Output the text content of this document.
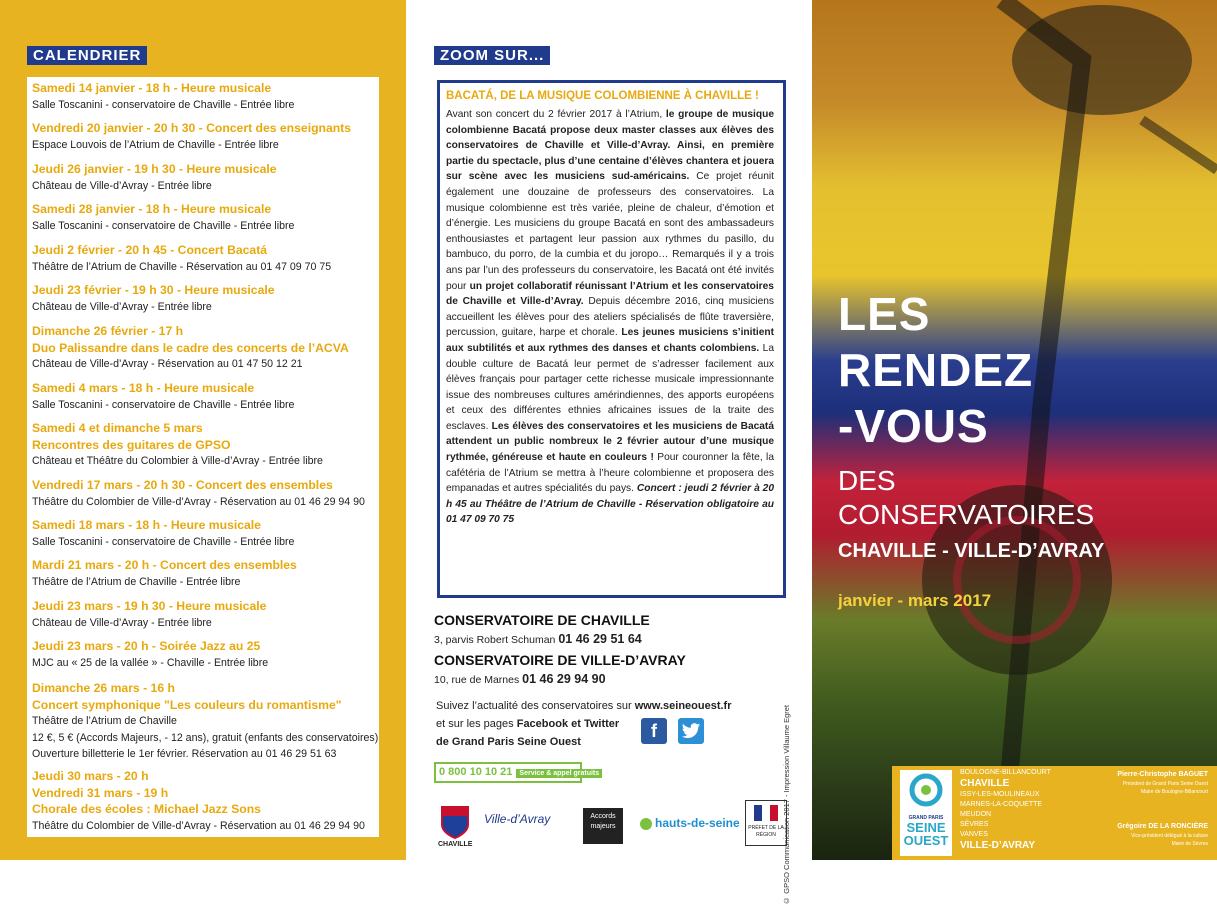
CALENDRIER
Samedi 14 janvier - 18 h - Heure musicale
Salle Toscanini - conservatoire de Chaville - Entrée libre
Vendredi 20 janvier - 20 h 30 - Concert des enseignants
Espace Louvois de l’Atrium de Chaville - Entrée libre
Jeudi 26 janvier - 19 h 30 - Heure musicale
Château de Ville-d’Avray - Entrée libre
Samedi 28 janvier - 18 h - Heure musicale
Salle Toscanini - conservatoire de Chaville - Entrée libre
Jeudi 2 février - 20 h 45 - Concert Bacatá
Théâtre de l’Atrium de Chaville - Réservation au 01 47 09 70 75
Jeudi 23 février - 19 h 30 - Heure musicale
Château de Ville-d’Avray - Entrée libre
Dimanche 26 février - 17 h
Duo Palissandre dans le cadre des concerts de l’ACVA
Château de Ville-d’Avray - Réservation au 01 47 50 12 21
Samedi 4 mars - 18 h - Heure musicale
Salle Toscanini - conservatoire de Chaville - Entrée libre
Samedi 4 et dimanche 5 mars
Rencontres des guitares de GPSO
Château et Théâtre du Colombier à Ville-d’Avray - Entrée libre
Vendredi 17 mars - 20 h 30 - Concert des ensembles
Théâtre du Colombier de Ville-d’Avray - Réservation au 01 46 29 94 90
Samedi 18 mars - 18 h - Heure musicale
Salle Toscanini - conservatoire de Chaville - Entrée libre
Mardi 21 mars - 20 h - Concert des ensembles
Théâtre de l’Atrium de Chaville - Entrée libre
Jeudi 23 mars - 19 h 30 - Heure musicale
Château de Ville-d’Avray - Entrée libre
Jeudi 23 mars - 20 h - Soirée Jazz au 25
MJC au « 25 de la vallée » - Chaville - Entrée libre
Dimanche 26 mars - 16 h
Concert symphonique "Les couleurs du romantisme"
Théâtre de l’Atrium de Chaville
12 €, 5 € (Accords Majeurs, - 12 ans), gratuit (enfants des conservatoires)
Ouverture billetterie le 1er février. Réservation au 01 46 29 51 63
Jeudi 30 mars - 20 h
Vendredi 31 mars - 19 h
Chorale des écoles : Michael Jazz Sons
Théâtre du Colombier de Ville-d’Avray - Réservation au 01 46 29 94 90
ZOOM SUR...
BACATÁ, DE LA MUSIQUE COLOMBIENNE À CHAVILLE !
Avant son concert du 2 février 2017 à l’Atrium, le groupe de musique colombienne Bacatá propose deux master classes aux élèves des conservatoires de Chaville et Ville-d’Avray. Ainsi, en première partie du spectacle, plus d’une centaine d’élèves chantera et jouera sur scène avec les musiciens sud-américains. Ce projet réunit également une douzaine de professeurs des conservatoires. La musique colombienne est très variée, pleine de chaleur, d’émotion et d’énergie. Les musiciens du groupe Bacatá en sont des ambassadeurs enthousiastes et partagent leur passion aux rythmes du pasillo, du bambuco, du porro, de la cumbia et du joropo… Remarqués il y a trois ans par l’un des professeurs du conservatoire, les Bacatá ont été invités pour un projet collaboratif réunissant l’Atrium et les conservatoires de Chaville et Ville-d’Avray. Depuis décembre 2016, cinq musiciens accueillent les élèves pour des ateliers spécialisés de flûte traversière, percussion, guitare, harpe et chorale. Les jeunes musiciens s’initient aux subtilités et aux rythmes des danses et chants colombiens. La double culture de Bacatá leur permet de s’adresser facilement aux élèves français pour partager cette richesse musicale impressionnante issue des nombreuses cultures amérindiennes, des apports européens et ceux des différentes ethnies africaines issues de la traite des esclaves. Les élèves des conservatoires et les musiciens de Bacatá attendent un public nombreux le 2 février autour d’une musique rythmée, généreuse et haute en couleurs ! Pour couronner la fête, la cafétéria de l’Atrium se mettra à l’heure colombienne et proposera des empanadas et autres spécialités du pays. Concert : jeudi 2 février à 20 h 45 au Théâtre de l’Atrium de Chaville - Réservation obligatoire au 01 47 09 70 75
CONSERVATOIRE DE CHAVILLE
3, parvis Robert Schuman 01 46 29 51 64
CONSERVATOIRE DE VILLE-D’AVRAY
10, rue de Marnes 01 46 29 94 90
Suivez l’actualité des conservatoires sur www.seineouest.fr
et sur les pages Facebook et Twitter
de Grand Paris Seine Ouest
f
0 800 10 10 21 Service & appel gratuits	© GPSO Communication 2017 - Impression Villaume Egret
CHAVILLE
Ville-d’Avray	Accords majeurs	hauts-de-seine	PRÉFET DE LA RÉGION
LES
RENDEZ
-VOUS
DES
CONSERVATOIRES
CHAVILLE - VILLE-D’AVRAY
janvier - mars 2017
GRAND PARIS
SEINE
OUEST
BOULOGNE-BILLANCOURT
CHAVILLE
ISSY-LES-MOULINEAUX
MARNES-LA-COQUETTE
MEUDON
SÈVRES
VANVES
VILLE-D’AVRAY
Pierre-Christophe BAGUET
Président de Grand Paris Seine Ouest
Maire de Boulogne-Billancourt
Grégoire DE LA RONCIÈRE
Vice-président délégué à la culture
Maire de Sèvres
